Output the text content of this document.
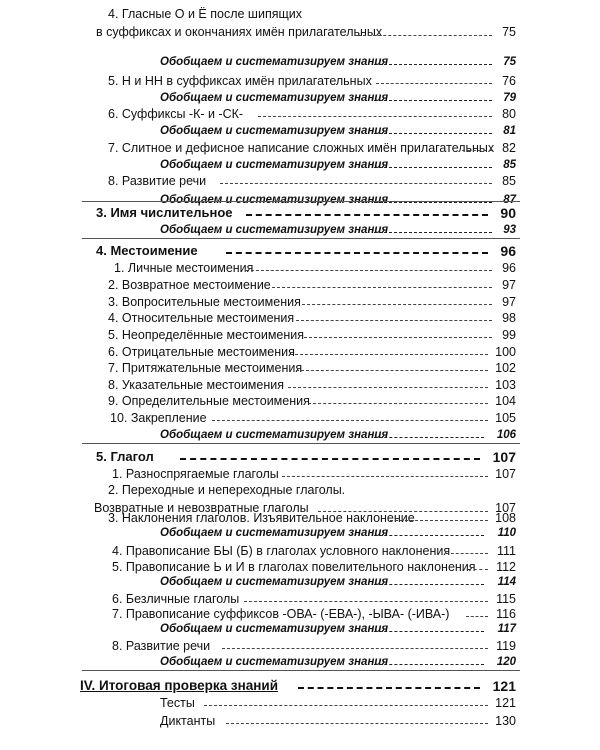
4. Гласные О и Ё после шипящих
в суффиксах и окончаниях имён прилагательных	75
Обобщаем и систематизируем знания	75
5. Н и НН в суффиксах имён прилагательных	76
Обобщаем и систематизируем знания	79
6. Суффиксы -К- и -СК-	80
Обобщаем и систематизируем знания	81
7. Слитное и дефисное написание сложных имён прилагательных 82
Обобщаем и систематизируем знания	85
8. Развитие речи	85
Обобщаем и систематизируем знания	87
3. Имя числительное	90
Обобщаем и систематизируем знания	93
4. Местоимение	96
1. Личные местоимения	96
2. Возвратное местоимение	97
3. Вопросительные местоимения	97
4. Относительные местоимения	98
5. Неопределённые местоимения	99
6. Отрицательные местоимения	100
7. Притяжательные местоимения	102
8. Указательные местоимения	103
9. Определительные местоимения	104
10. Закрепление	105
Обобщаем и систематизируем знания	106
5. Глагол	107
1. Разноспрягаемые глаголы	107
2. Переходные и непереходные глаголы.
Возвратные и невозвратные глаголы	107
3. Наклонения глаголов. Изъявительное наклонение	108
Обобщаем и систематизируем знания	110
4. Правописание БЫ (Б) в глаголах условного наклонения	111
5. Правописание Ь и И в глаголах повелительного наклонения 112
Обобщаем и систематизируем знания	114
6. Безличные глаголы	115
7. Правописание суффиксов -ОВА- (-ЕВА-), -ЫВА- (-ИВА-)	116
Обобщаем и систематизируем знания	117
8. Развитие речи	119
Обобщаем и систематизируем знания	120
IV. Итоговая проверка знаний	121
Тесты	121
Диктанты	130
